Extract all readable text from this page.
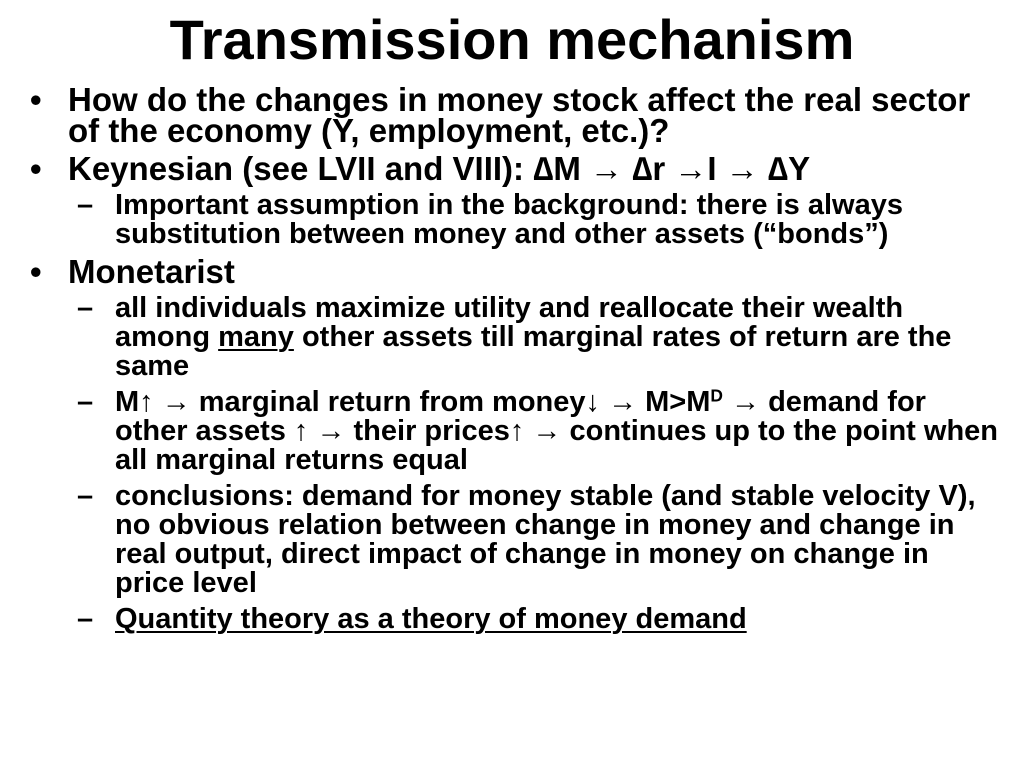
Transmission mechanism
• How do the changes in money stock affect the real sector of the economy (Y, employment, etc.)?
• Keynesian (see LVII and VIII): ∆M → ∆r →I → ∆Y
– Important assumption in the background: there is always substitution between money and other assets (“bonds”)
• Monetarist
– all individuals maximize utility and reallocate their wealth among many other assets till marginal rates of return are the same
– M↑ → marginal return from money↓ → $M>M^D$ → demand for other assets ↑ → their prices↑ → continues up to the point when all marginal returns equal
– conclusions: demand for money stable (and stable velocity V), no obvious relation between change in money and change in real output, direct impact of change in money on change in price level
– Quantity theory as a theory of money demand
